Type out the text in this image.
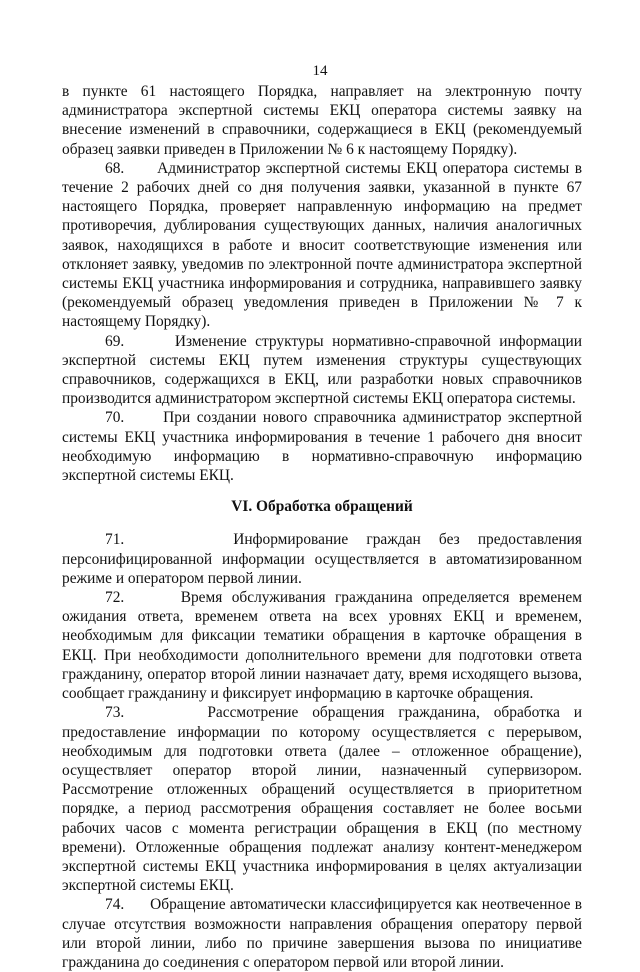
14

в пункте 61 настоящего Порядка, направляет на электронную почту администратора экспертной системы ЕКЦ оператора системы заявку на внесение изменений в справочники, содержащиеся в ЕКЦ (рекомендуемый образец заявки приведен в Приложении № 6 к настоящему Порядку).

68. Администратор экспертной системы ЕКЦ оператора системы в течение 2 рабочих дней со дня получения заявки, указанной в пункте 67 настоящего Порядка, проверяет направленную информацию на предмет противоречия, дублирования существующих данных, наличия аналогичных заявок, находящихся в работе и вносит соответствующие изменения или отклоняет заявку, уведомив по электронной почте администратора экспертной системы ЕКЦ участника информирования и сотрудника, направившего заявку (рекомендуемый образец уведомления приведен в Приложении № 7 к настоящему Порядку).

69.	Изменение структуры нормативно-справочной информации экспертной системы ЕКЦ путем изменения структуры существующих справочников, содержащихся в ЕКЦ, или разработки новых справочников производится администратором экспертной системы ЕКЦ оператора системы.

70.	При создании нового справочника администратор экспертной системы ЕКЦ участника информирования в течение 1 рабочего дня вносит необходимую информацию в нормативно-справочную информацию экспертной системы ЕКЦ.

VI. Обработка обращений

71.	Информирование граждан без предоставления персонифицированной информации осуществляется в автоматизированном режиме и оператором первой линии.

72.	Время обслуживания гражданина определяется временем ожидания ответа, временем ответа на всех уровнях ЕКЦ и временем, необходимым для фиксации тематики обращения в карточке обращения в ЕКЦ. При необходимости дополнительного времени для подготовки ответа гражданину, оператор второй линии назначает дату, время исходящего вызова, сообщает гражданину и фиксирует информацию в карточке обращения.

73.	Рассмотрение обращения гражданина, обработка и предоставление информации по которому осуществляется с перерывом, необходимым для подготовки ответа (далее – отложенное обращение), осуществляет оператор второй линии, назначенный супервизором. Рассмотрение отложенных обращений осуществляется в приоритетном порядке, а период рассмотрения обращения составляет не более восьми рабочих часов с момента регистрации обращения в ЕКЦ (по местному времени). Отложенные обращения подлежат анализу контент-менеджером экспертной системы ЕКЦ участника информирования в целях актуализации экспертной системы ЕКЦ.

74. Обращение автоматически классифицируется как неотвеченное в случае отсутствия возможности направления обращения оператору первой или второй линии, либо по причине завершения вызова по инициативе гражданина до соединения с оператором первой или второй линии.
